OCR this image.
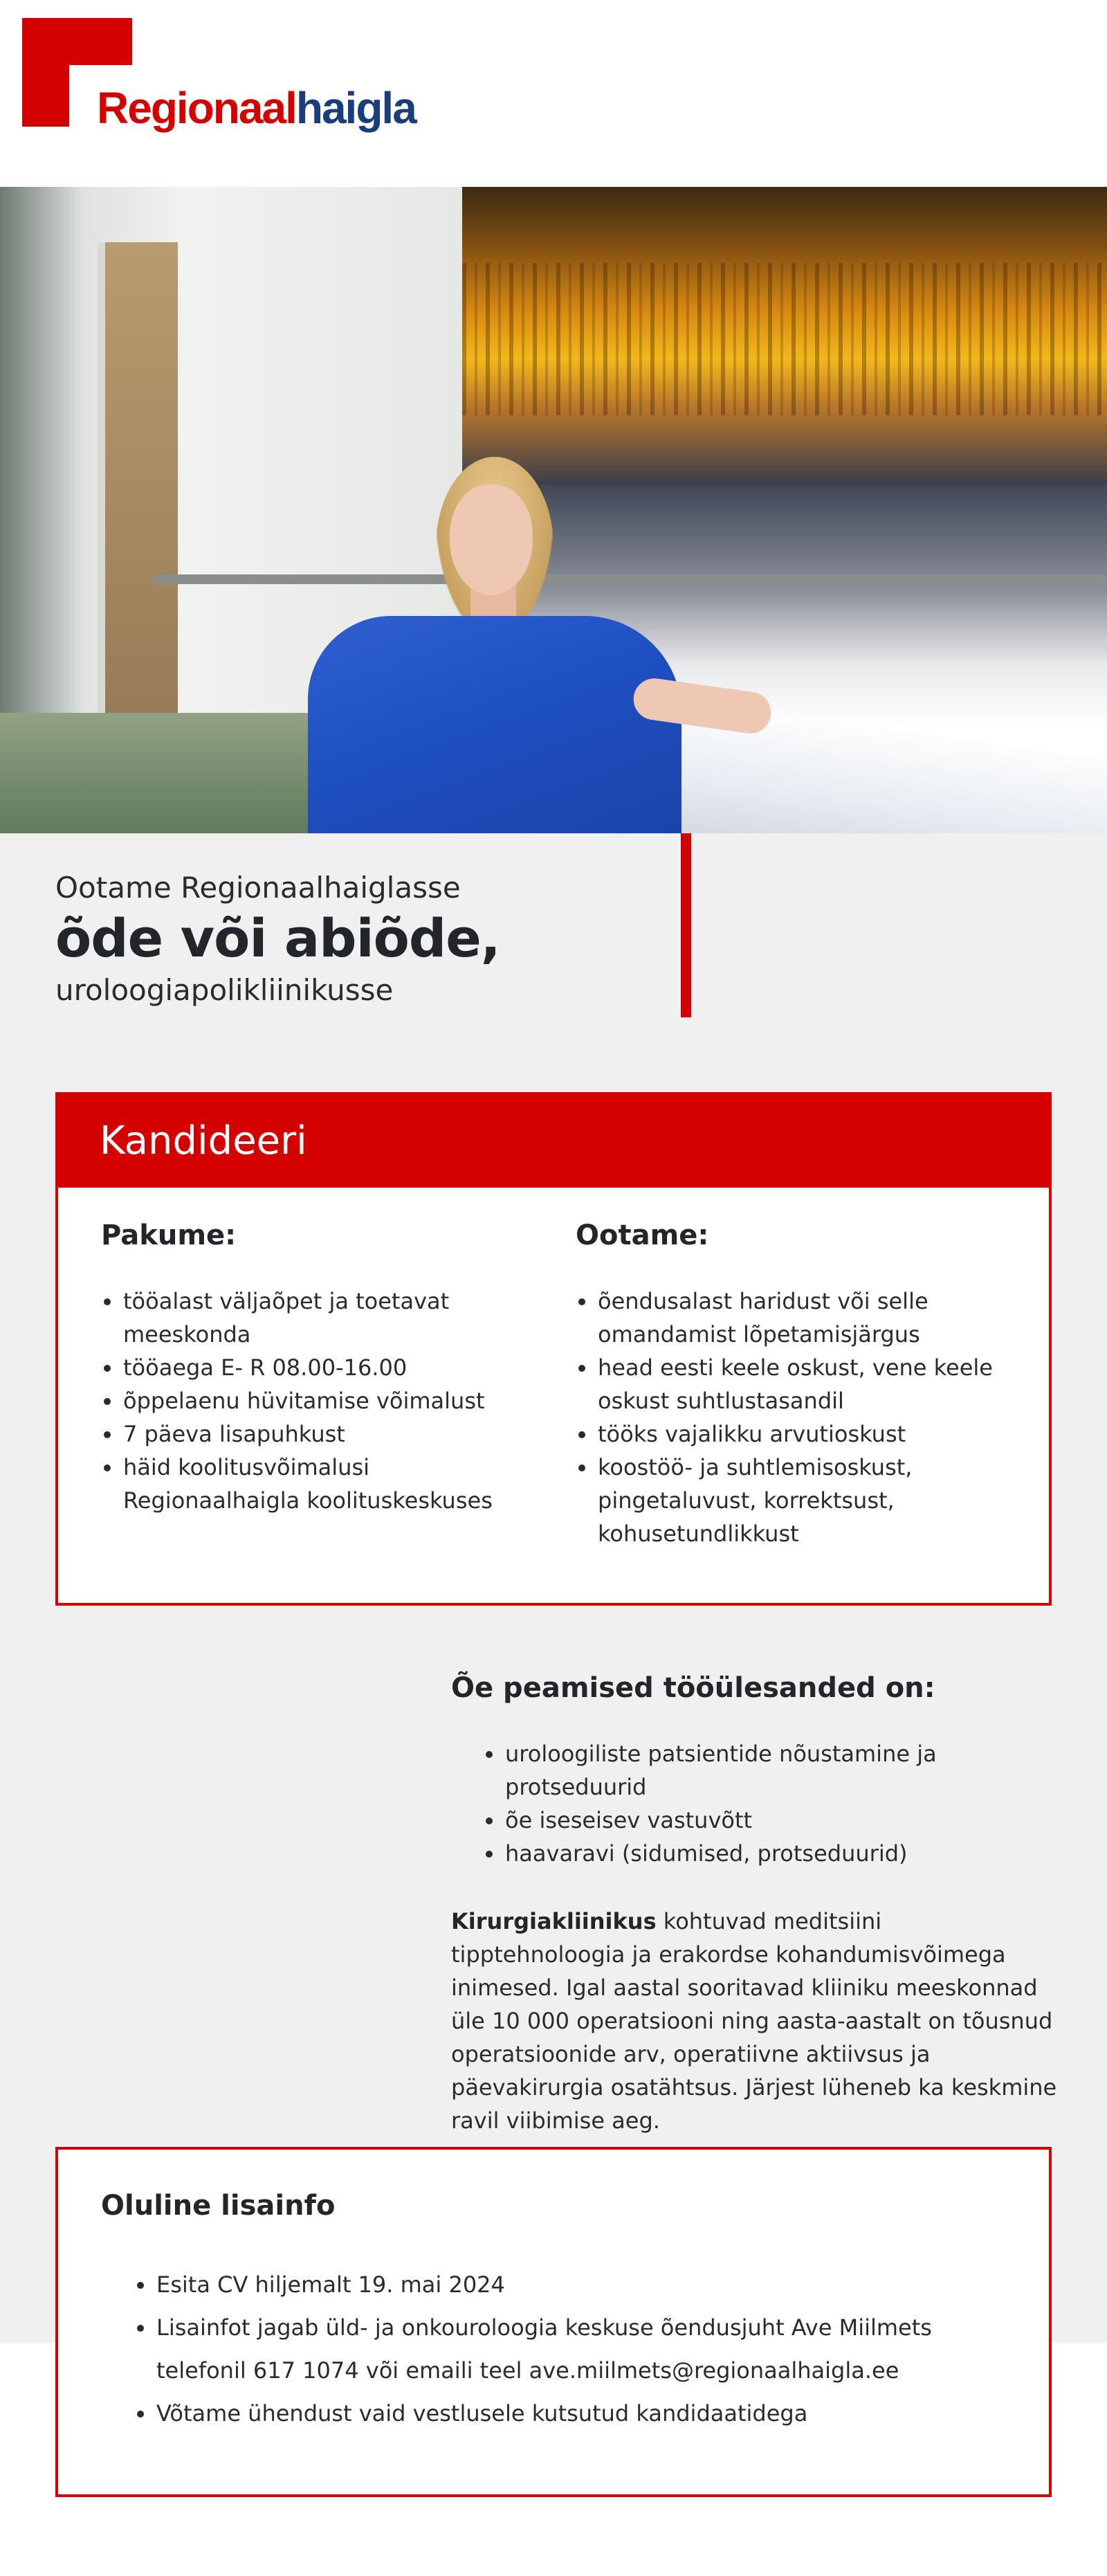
Regionaalhaigla
Ootame Regionaalhaiglasse
õde või abiõde,
uroloogiapolikliinikusse
Kandideeri
Pakume:
tööalast väljaõpet ja toetavat meeskonda
tööaega E- R 08.00-16.00
õppelaenu hüvitamise võimalust
7 päeva lisapuhkust
häid koolitusvõimalusi Regionaalhaigla koolituskeskuses
Ootame:
õendusalast haridust või selle omandamist lõpetamisjärgus
head eesti keele oskust, vene keele oskust suhtlustasandil
tööks vajalikku arvutioskust
koostöö- ja suhtlemisoskust, pingetaluvust, korrektsust, kohusetundlikkust
Õe peamised tööülesanded on:
uroloogiliste patsientide nõustamine ja protseduurid
õe iseseisev vastuvõtt
haavaravi (sidumised, protseduurid)

Kirurgiakliinikus kohtuvad meditsiini tipptehnoloogia ja erakordse kohandumisvõimega inimesed. Igal aastal sooritavad kliiniku meeskonnad üle 10 000 operatsiooni ning aasta-aastalt on tõusnud operatsioonide arv, operatiivne aktiivsus ja päevakirurgia osatähtsus. Järjest lüheneb ka keskmine ravil viibimise aeg.

Oluline lisainfo
Esita CV hiljemalt 19. mai 2024
Lisainfot jagab üld- ja onkouroloogia keskuse õendusjuht Ave Miilmets telefonil 617 1074 või emaili teel ave.miilmets@regionaalhaigla.ee
Võtame ühendust vaid vestlusele kutsutud kandidaatidega
